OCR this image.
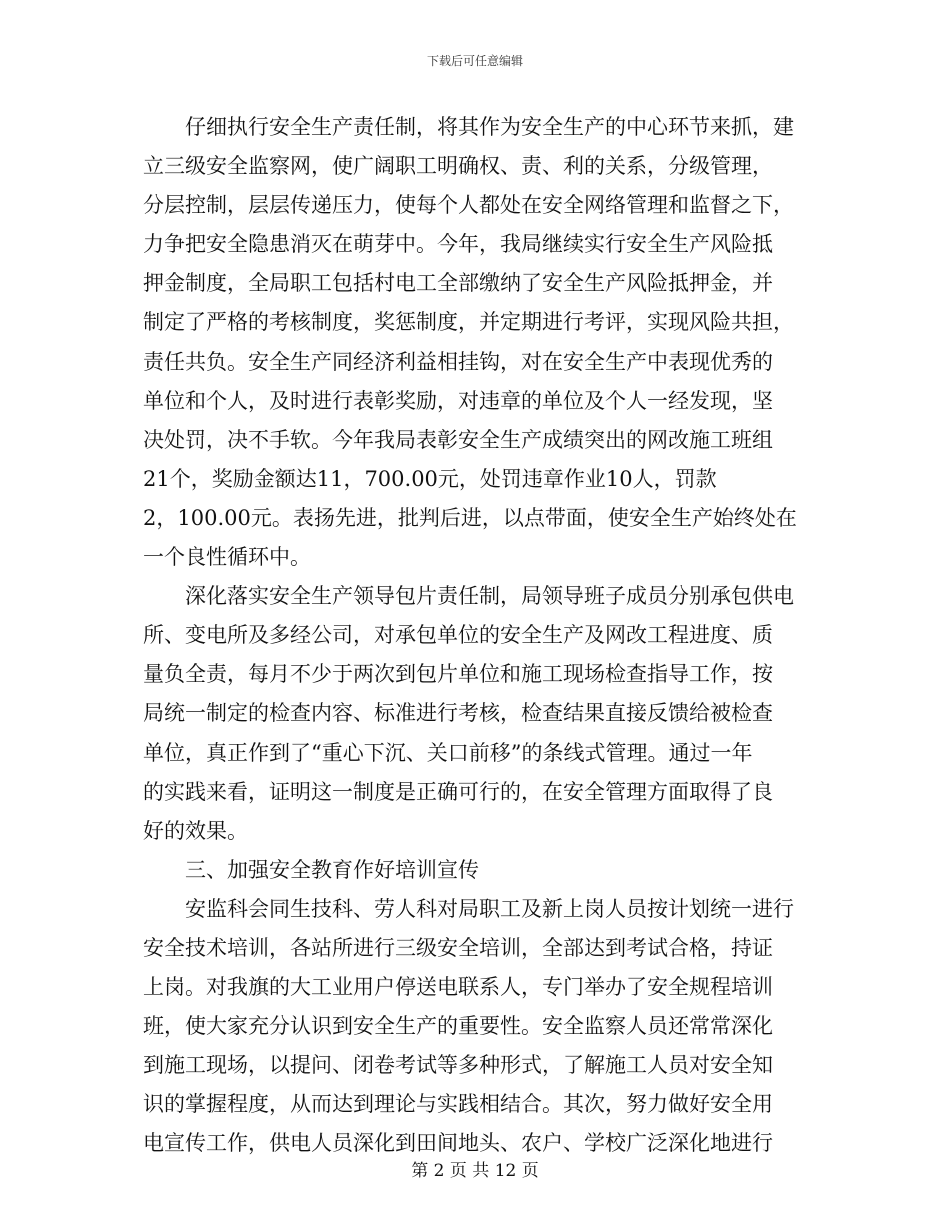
下载后可任意编辑
　　仔细执行安全生产责任制，将其作为安全生产的中心环节来抓，建
立三级安全监察网，使广阔职工明确权、责、利的关系，分级管理，
分层控制，层层传递压力，使每个人都处在安全网络管理和监督之下，
力争把安全隐患消灭在萌芽中。今年，我局继续实行安全生产风险抵
押金制度，全局职工包括村电工全部缴纳了安全生产风险抵押金，并
制定了严格的考核制度，奖惩制度，并定期进行考评，实现风险共担，
责任共负。安全生产同经济利益相挂钩，对在安全生产中表现优秀的
单位和个人，及时进行表彰奖励，对违章的单位及个人一经发现，坚
决处罚，决不手软。今年我局表彰安全生产成绩突出的网改施工班组
21个，奖励金额达11，700.00元，处罚违章作业10人，罚款
2，100.00元。表扬先进，批判后进，以点带面，使安全生产始终处在
一个良性循环中。
　　深化落实安全生产领导包片责任制，局领导班子成员分别承包供电
所、变电所及多经公司，对承包单位的安全生产及网改工程进度、质
量负全责，每月不少于两次到包片单位和施工现场检查指导工作，按
局统一制定的检查内容、标准进行考核，检查结果直接反馈给被检查
单位，真正作到了“重心下沉、关口前移”的条线式管理。通过一年
的实践来看，证明这一制度是正确可行的，在安全管理方面取得了良
好的效果。
　　三、加强安全教育作好培训宣传
　　安监科会同生技科、劳人科对局职工及新上岗人员按计划统一进行
安全技术培训，各站所进行三级安全培训，全部达到考试合格，持证
上岗。对我旗的大工业用户停送电联系人，专门举办了安全规程培训
班，使大家充分认识到安全生产的重要性。安全监察人员还常常深化
到施工现场，以提问、闭卷考试等多种形式，了解施工人员对安全知
识的掌握程度，从而达到理论与实践相结合。其次，努力做好安全用
电宣传工作，供电人员深化到田间地头、农户、学校广泛深化地进行
第 2 页 共 12 页
